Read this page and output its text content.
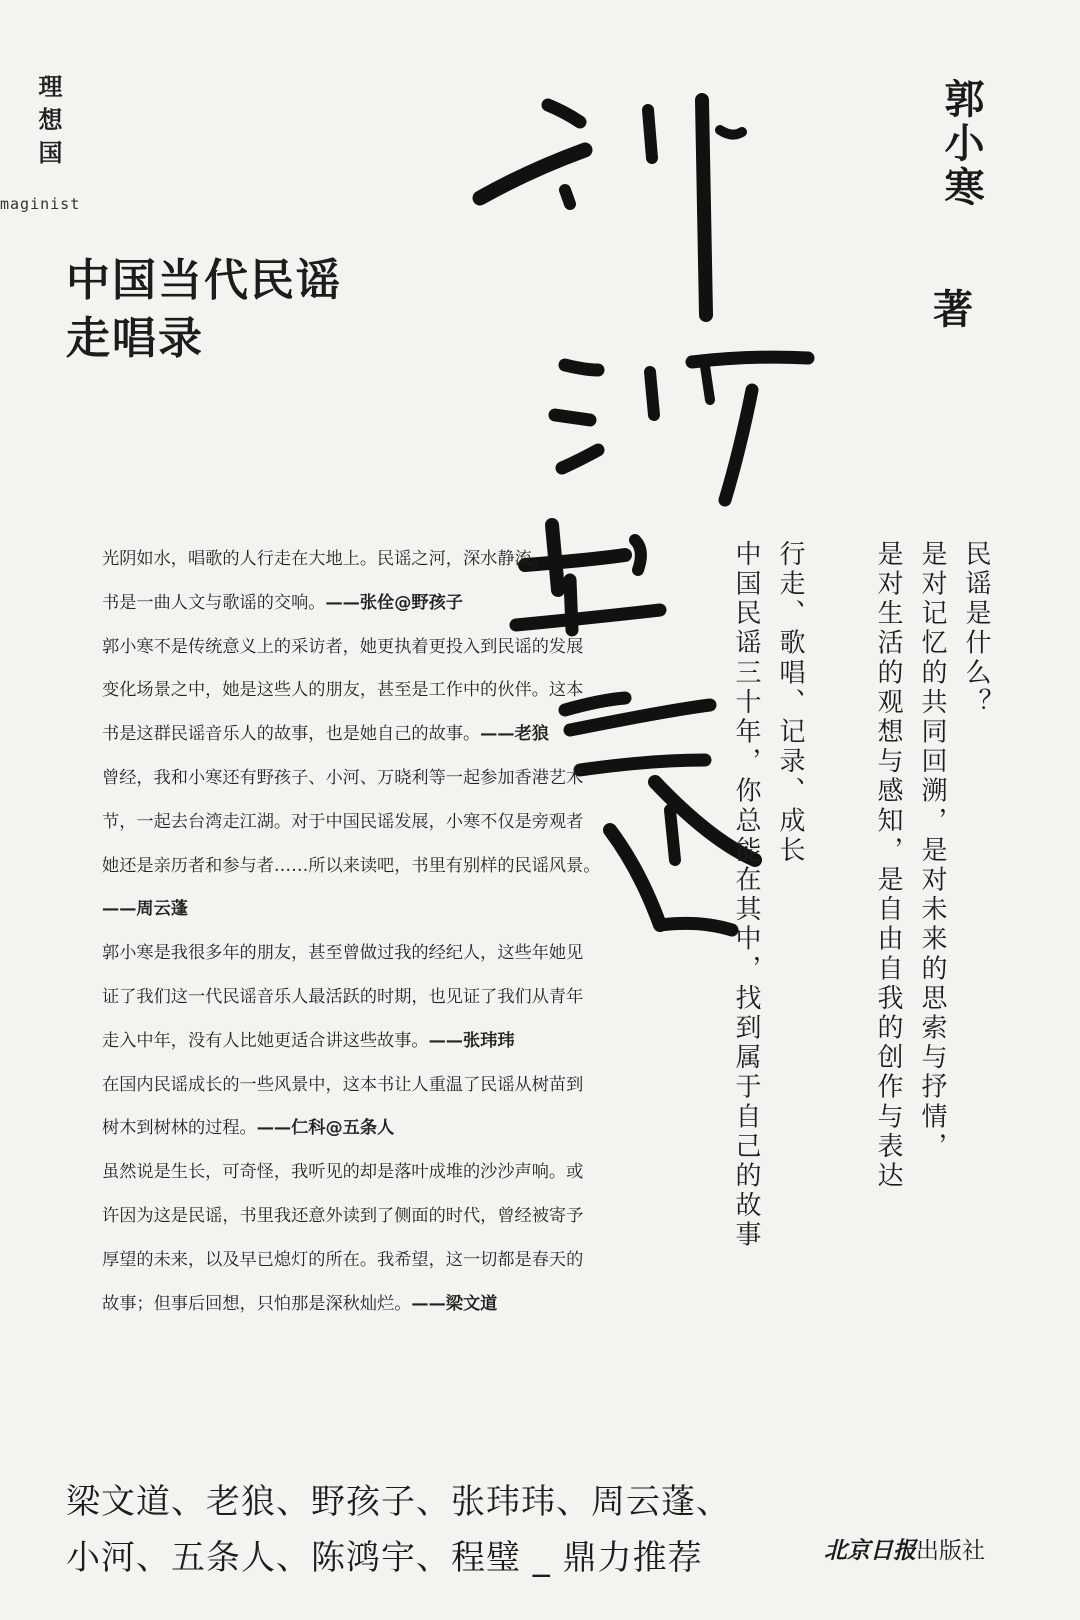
理想国
maginist
中国当代民谣
走唱录
郭小寒
著
光阴如水，唱歌的人行走在大地上。民谣之河，深水静流。
书是一曲人文与歌谣的交响。——张佺@野孩子
郭小寒不是传统意义上的采访者，她更执着更投入到民谣的发展
变化场景之中，她是这些人的朋友，甚至是工作中的伙伴。这本
书是这群民谣音乐人的故事，也是她自己的故事。——老狼
曾经，我和小寒还有野孩子、小河、万晓利等一起参加香港艺术
节，一起去台湾走江湖。对于中国民谣发展，小寒不仅是旁观者
她还是亲历者和参与者……所以来读吧，书里有别样的民谣风景。
——周云蓬
郭小寒是我很多年的朋友，甚至曾做过我的经纪人，这些年她见
证了我们这一代民谣音乐人最活跃的时期，也见证了我们从青年
走入中年，没有人比她更适合讲这些故事。——张玮玮
在国内民谣成长的一些风景中，这本书让人重温了民谣从树苗到
树木到树林的过程。——仁科@五条人
虽然说是生长，可奇怪，我听见的却是落叶成堆的沙沙声响。或
许因为这是民谣，书里我还意外读到了侧面的时代，曾经被寄予
厚望的未来，以及早已熄灯的所在。我希望，这一切都是春天的
故事；但事后回想，只怕那是深秋灿烂。——梁文道
民谣是什么？
是对记忆的共同回溯，是对未来的思索与抒情，
是对生活的观想与感知，是自由自我的创作与表达
行走、歌唱、记录、成长
中国民谣三十年，你总能在其中，找到属于自己的故事
梁文道、老狼、野孩子、张玮玮、周云蓬、
小河、五条人、陈鸿宇、程璧 _ 鼎力推荐	北京日报出版社
